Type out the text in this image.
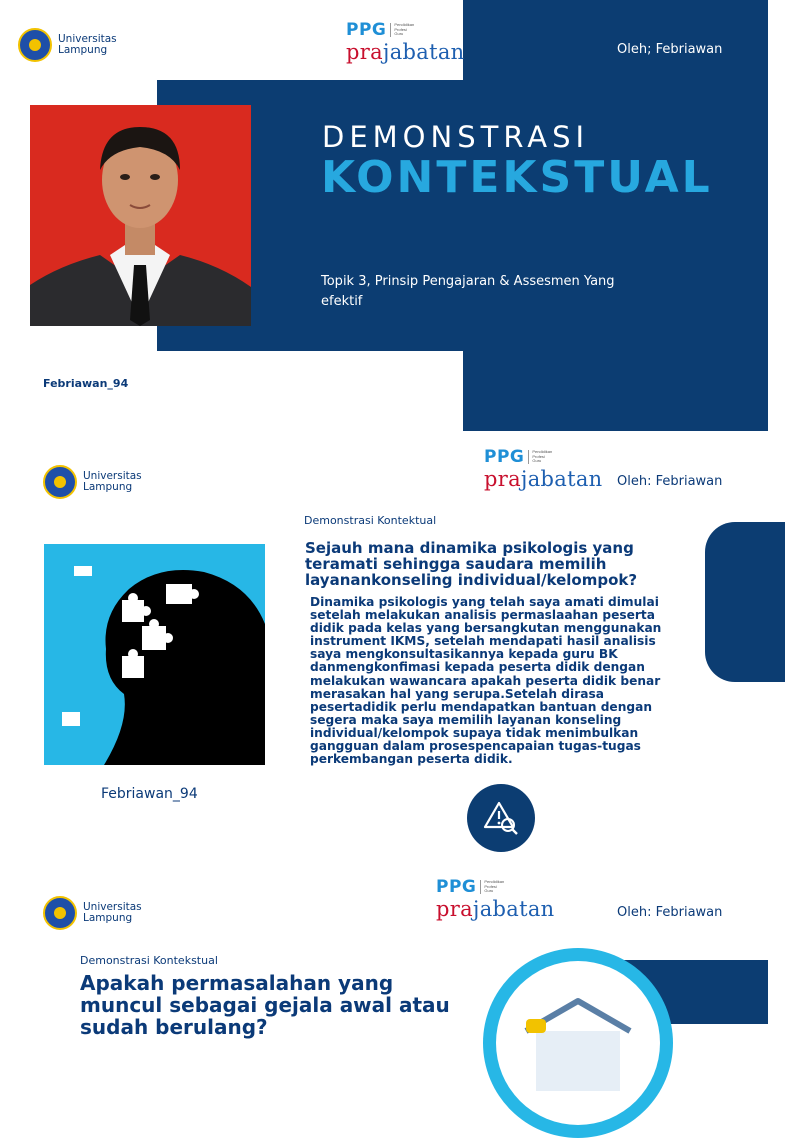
Universitas
Lampung
PPG	Pendidikan
Profesi
Guru
prajabatan	Oleh; Febriawan
DEMONSTRASI
KONTEKSTUAL
Topik 3, Prinsip Pengajaran & Assesmen Yang efektif
Febriawan_94
Universitas
Lampung
PPG	Pendidikan
Profesi
Guru
prajabatan Oleh: Febriawan
Demonstrasi Kontektual
Sejauh mana dinamika psikologis yang teramati sehingga saudara memilih layanankonseling individual/kelompok?
Dinamika psikologis yang telah saya amati dimulai setelah melakukan analisis permaslaahan peserta didik pada kelas yang bersangkutan menggunakan instrument IKMS, setelah mendapati hasil analisis saya mengkonsultasikannya kepada guru BK danmengkonfimasi kepada peserta didik dengan melakukan wawancara apakah peserta didik benar merasakan hal yang serupa.Setelah dirasa pesertadidik perlu mendapatkan bantuan dengan segera maka saya memilih layanan konseling individual/kelompok supaya tidak menimbulkan gangguan dalam prosespencapaian tugas-tugas perkembangan peserta didik.
Febriawan_94
Universitas
Lampung
PPG	Pendidikan
Profesi
Guru
prajabatan	Oleh: Febriawan
Demonstrasi Kontekstual
Apakah permasalahan yang muncul sebagai gejala awal atau sudah berulang?
